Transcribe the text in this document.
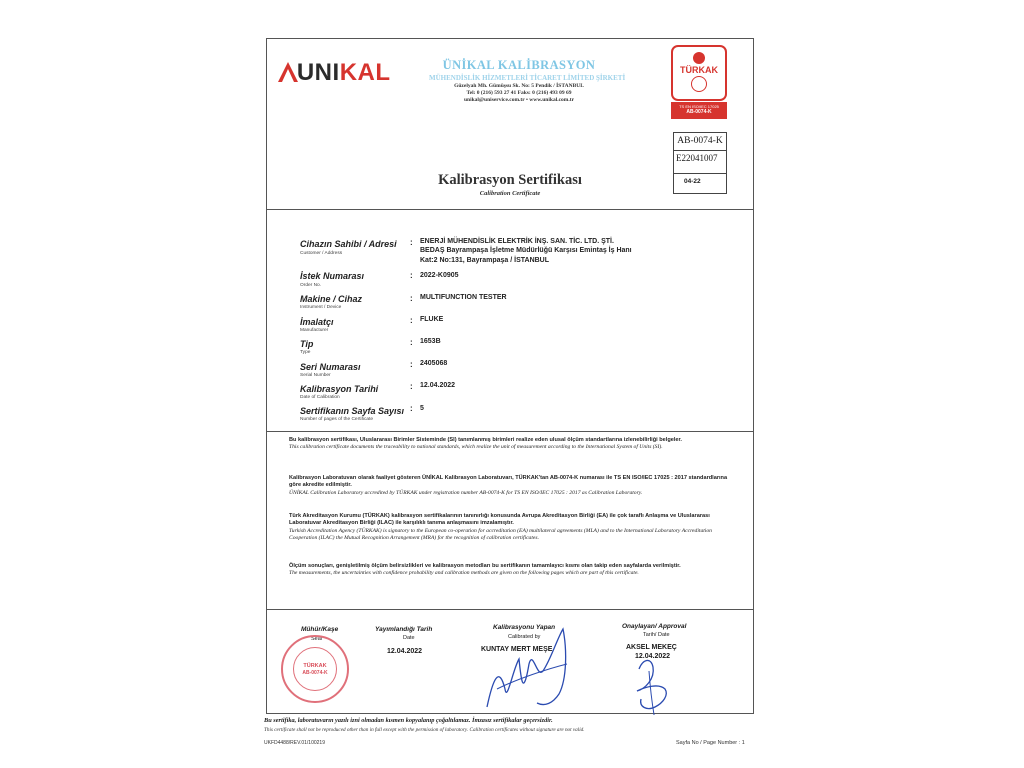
UNIKAL	ÜNİKAL KALİBRASYON
MÜHENDİSLİK HİZMETLERİ TİCARET LİMİTED ŞİRKETİ
Güzelyalı Mh. Gümüşsu Sk. No: 5 Pendik / İSTANBUL
Tel: 0 (216) 593 27 41 Faks: 0 (216) 493 09 69
unikal@uniservice.com.tr • www.unikal.com.tr
TÜRKAK
TS EN ISO/IEC 17025
AB-0074-K
AB-0074-K
E22041007
04-22
Kalibrasyon Sertifikası
Calibration Certificate
Cihazın Sahibi / Adresi
Customer / Address
: ENERJİ MÜHENDİSLİK ELEKTRİK İNŞ. SAN. TİC. LTD. ŞTİ.
BEDAŞ Bayrampaşa İşletme Müdürlüğü Karşısı Emintaş İş Hanı
Kat:2 No:131, Bayrampaşa / İSTANBUL
İstek Numarası
Order No.
: 2022-K0905
Makine / Cihaz
Instrument / Device
: MULTIFUNCTION TESTER
İmalatçı
Manufacturer
: FLUKE
Tip
Type
: 1653B
Seri Numarası
Serial Number
: 2405068
Kalibrasyon Tarihi
Date of Calibration
: 12.04.2022
Sertifikanın Sayfa Sayısı
Number of pages of the Certificate
: 5
Bu kalibrasyon sertifikası, Uluslararası Birimler Sisteminde (SI) tanımlanmış birimleri realize eden ulusal ölçüm standartlarına izlenebilirliği belgeler.
This calibration certificate documents the traceability to national standards, which realize the unit of measurement according to the International System of Units (SI).
Kalibrasyon Laboratuvarı olarak faaliyet gösteren ÜNİKAL Kalibrasyon Laboratuvarı, TÜRKAK'tan AB-0074-K numarası ile TS EN ISO/IEC 17025 : 2017 standardlarına göre akredite edilmiştir.
ÜNİKAL Calibration Laboratory accredited by TÜRKAK under registration number AB-0074-K for TS EN ISO/IEC 17025 : 2017 as Calibration Laboratory.
Türk Akreditasyon Kurumu (TÜRKAK) kalibrasyon sertifikalarının tanınırlığı konusunda Avrupa Akreditasyon Birliği (EA) ile çok taraflı Anlaşma ve Uluslararası Laboratuvar Akreditasyon Birliği (ILAC) ile karşılıklı tanıma anlaşmasını imzalamıştır.
Turkish Accreditation Agency (TÜRKAK) is signatory to the European co-operation for accreditation (EA) multilateral agreements (MLA) and to the International Laboratory Accreditation Cooperation (ILAC) the Mutual Recognition Arrangement (MRA) for the recognition of calibration certificates.
Ölçüm sonuçları, genişletilmiş ölçüm belirsizlikleri ve kalibrasyon metodları bu sertifikanın tamamlayıcı kısmı olan takip eden sayfalarda verilmiştir.
The measurements, the uncertainties with confidence probability and calibration methods are given on the following pages which are part of this certificate.
Mühür/Kaşe
Seal
TÜRKAK
AB-0074-K
Yayımlandığı Tarih
Date
12.04.2022
Kalibrasyonu Yapan
Calibrated by
KUNTAY MERT MEŞE
Onaylayan/ Approval
Tarih/ Date
AKSEL MEKEÇ
12.04.2022
Bu sertifika, laboratuvarın yazılı izni olmadan kısmen kopyalanıp çoğaltılamaz. İmzasız sertifikalar geçersizdir.
This certificate shall not be reproduced other than in full except with the permission of laboratory. Calibration certificates without signature are not valid.
UKFD4488/REV.01/100219	Sayfa No / Page Number : 1
